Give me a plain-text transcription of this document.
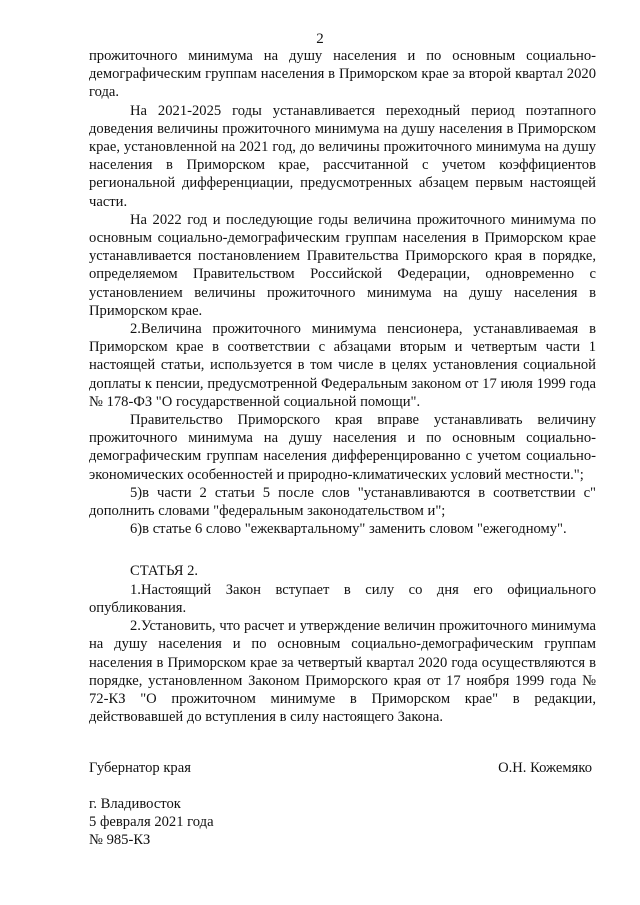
2

прожиточного минимума на душу населения и по основным социально-демографическим группам населения в Приморском крае за второй квартал 2020 года.

На 2021-2025 годы устанавливается переходный период поэтапного доведения величины прожиточного минимума на душу населения в Приморском крае, установленной на 2021 год, до величины прожиточного минимума на душу населения в Приморском крае, рассчитанной с учетом коэффициентов региональной дифференциации, предусмотренных абзацем первым настоящей части.

На 2022 год и последующие годы величина прожиточного минимума по основным социально-демографическим группам населения в Приморском крае устанавливается постановлением Правительства Приморского края в порядке, определяемом Правительством Российской Федерации, одновременно с установлением величины прожиточного минимума на душу населения в Приморском крае.

2.Величина прожиточного минимума пенсионера, устанавливаемая в Приморском крае в соответствии с абзацами вторым и четвертым части 1 настоящей статьи, используется в том числе в целях установления социальной доплаты к пенсии, предусмотренной Федеральным законом от 17 июля 1999 года № 178-ФЗ "О государственной социальной помощи".

Правительство Приморского края вправе устанавливать величину прожиточного минимума на душу населения и по основным социально-демографическим группам населения дифференцированно с учетом социально-экономических особенностей и природно-климатических условий местности.";

5)в части 2 статьи 5 после слов "устанавливаются в соответствии с" дополнить словами "федеральным законодательством и";

6)в статье 6 слово "ежеквартальному" заменить словом "ежегодному".

СТАТЬЯ 2.

1.Настоящий Закон вступает в силу со дня его официального опубликования.

2.Установить, что расчет и утверждение величин прожиточного минимума на душу населения и по основным социально-демографическим группам населения в Приморском крае за четвертый квартал 2020 года осуществляются в порядке, установленном Законом Приморского края от 17 ноября 1999 года № 72-КЗ "О прожиточном минимуме в Приморском крае" в редакции, действовавшей до вступления в силу настоящего Закона.

Губернатор края	О.Н. Кожемяко
г. Владивосток
5 февраля 2021 года
№ 985-КЗ
